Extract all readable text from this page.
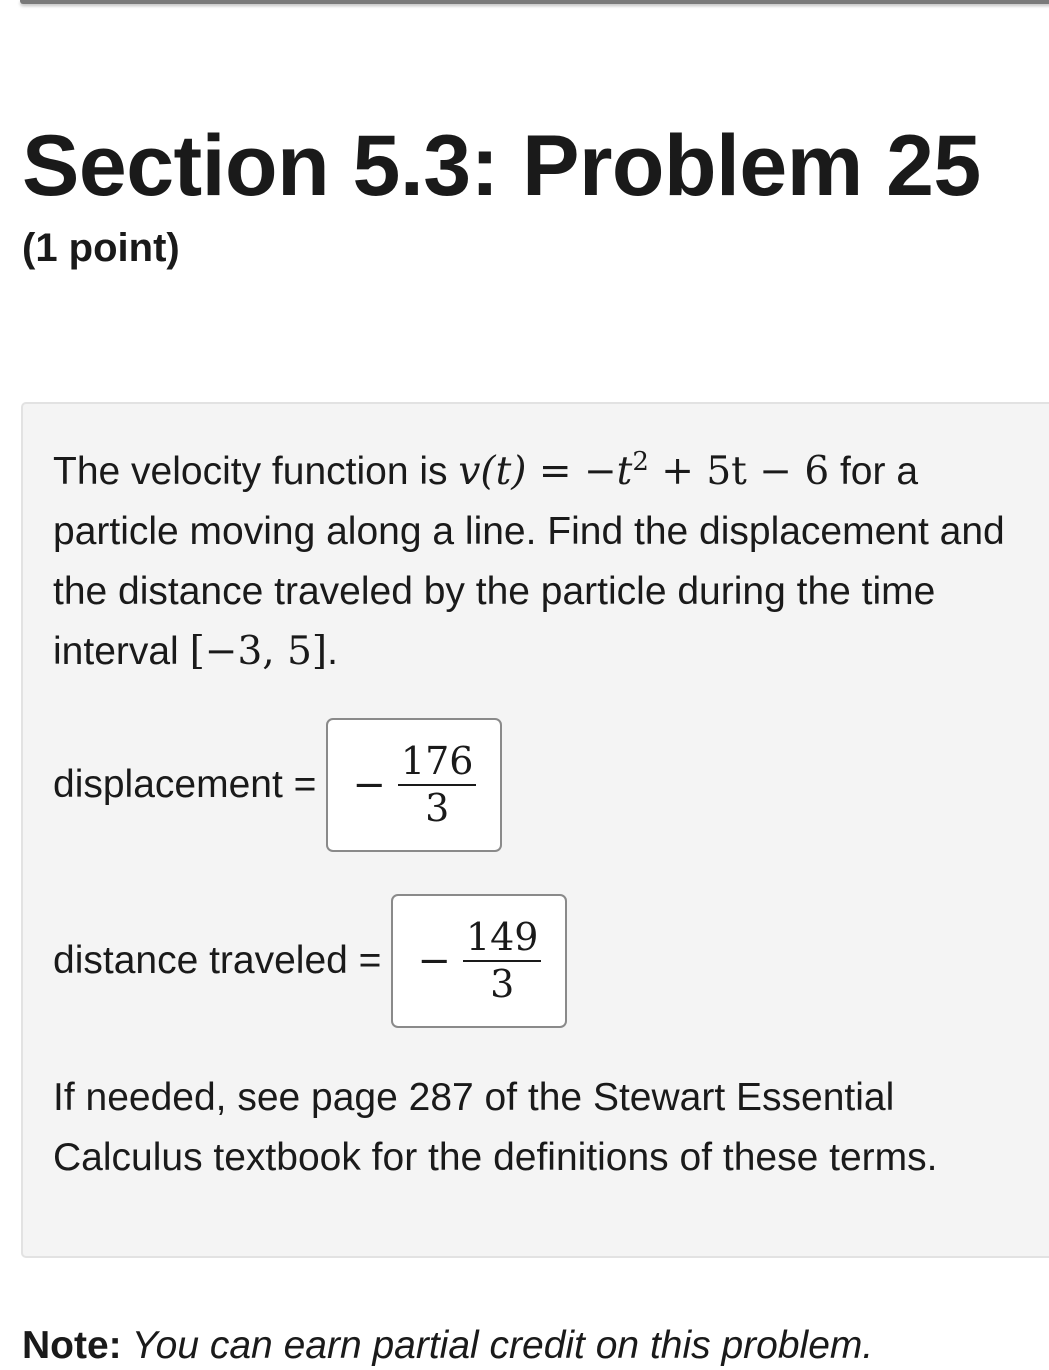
Section 5.3: Problem 25
(1 point)

The velocity function is $v(t) = -t^2 + 5t - 6$ for a particle moving along a line. Find the displacement and the distance traveled by the particle during the time interval [−3, 5].

displacement = − $\frac{176}{3}$
distance traveled = − $\frac{149}{3}$

If needed, see page 287 of the Stewart Essential Calculus textbook for the definitions of these terms.

Note: You can earn partial credit on this problem.
